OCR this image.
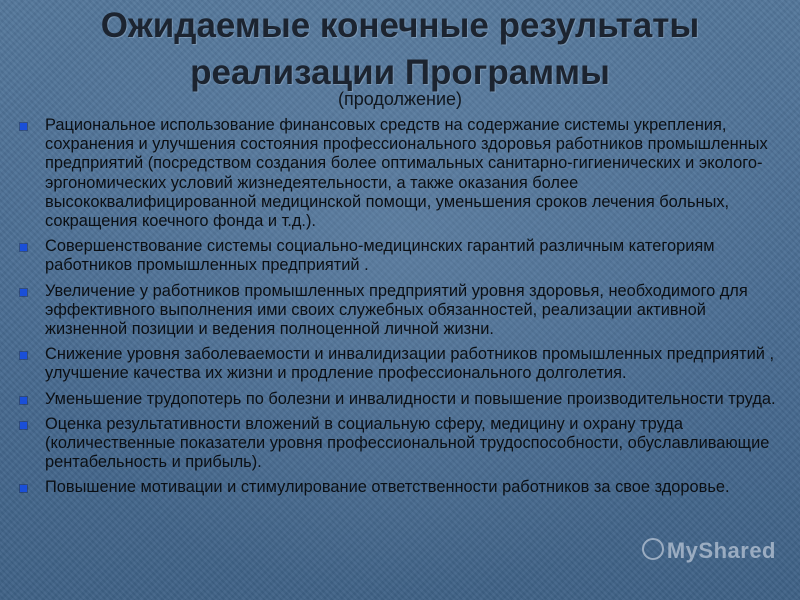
Ожидаемые конечные результаты
реализации Программы
(продолжение)
Рациональное использование финансовых средств на содержание системы укрепления, сохранения и улучшения состояния профессионального здоровья работников промышленных предприятий (посредством создания более оптимальных санитарно-гигиенических и эколого-эргономических условий жизнедеятельности, а также оказания более высококвалифицированной медицинской помощи, уменьшения сроков лечения больных, сокращения коечного фонда и т.д.).
Совершенствование системы социально-медицинских гарантий различным категориям работников промышленных предприятий .
Увеличение у работников промышленных предприятий уровня здоровья, необходимого для эффективного выполнения ими своих служебных обязанностей, реализации активной жизненной позиции и ведения полноценной личной жизни.
Снижение уровня заболеваемости и инвалидизации работников промышленных предприятий , улучшение качества их жизни и продление профессионального долголетия.
Уменьшение трудопотерь по болезни и инвалидности и повышение производительности труда.
Оценка результативности вложений в социальную сферу, медицину и охрану труда (количественные показатели уровня профессиональной трудоспособности, обуславливающие рентабельность и прибыль).
Повышение мотивации и стимулирование ответственности работников за свое здоровье.
MyShared
